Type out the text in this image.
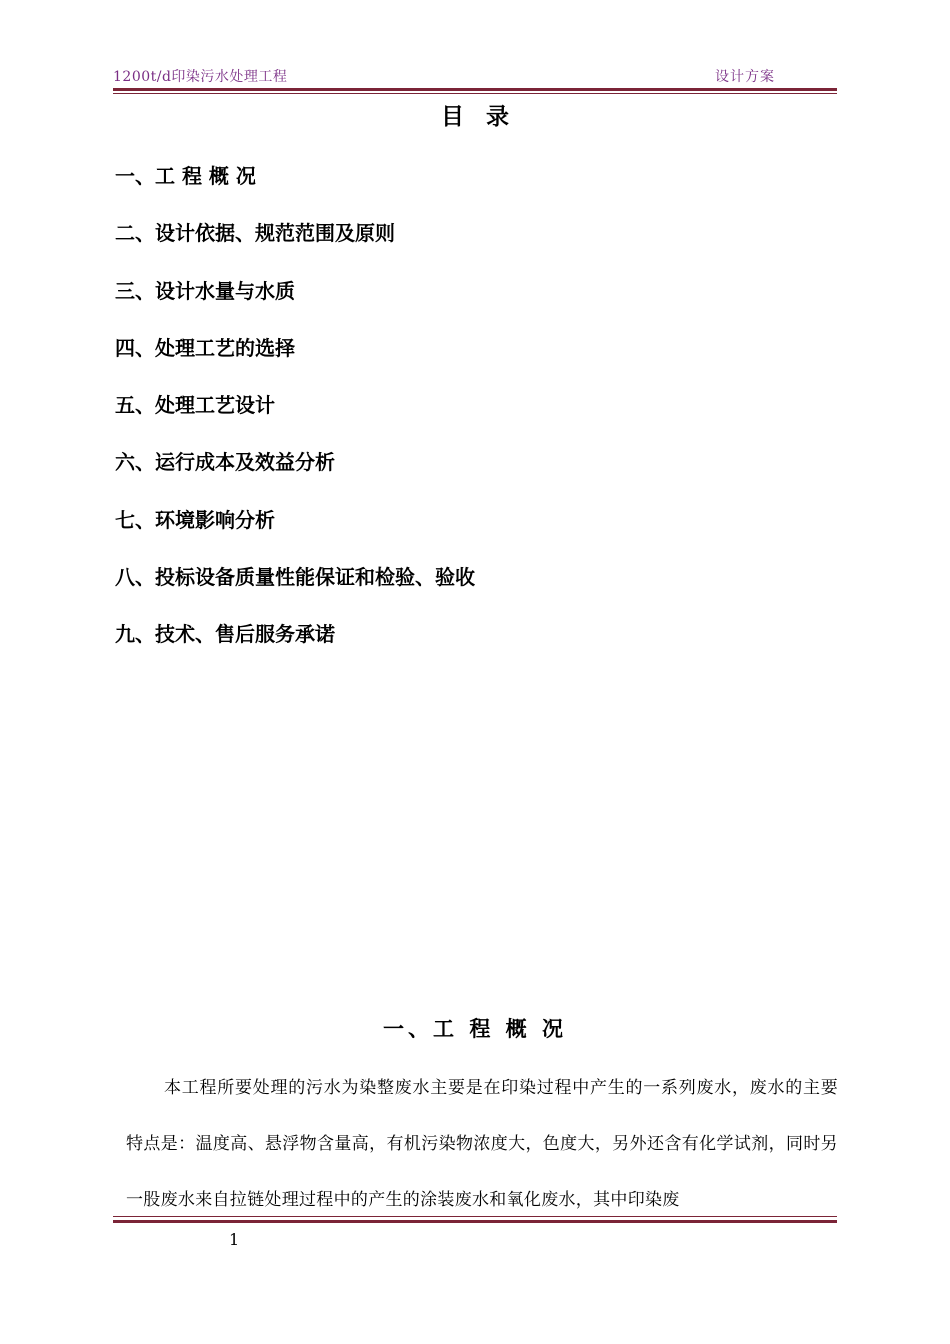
1200t/d印染污水处理工程	设计方案
目录
一、工 程 概 况
二、设计依据、规范范围及原则
三、设计水量与水质
四、处理工艺的选择
五、处理工艺设计
六、运行成本及效益分析
七、环境影响分析
八、投标设备质量性能保证和检验、验收
九、技术、售后服务承诺
一、工 程 概 况

本工程所要处理的污水为染整废水主要是在印染过程中产生的一系列废水，废水的主要特点是：温度高、悬浮物含量高，有机污染物浓度大，色度大，另外还含有化学试剂，同时另一股废水来自拉链处理过程中的产生的涂装废水和氧化废水，其中印染废

1
